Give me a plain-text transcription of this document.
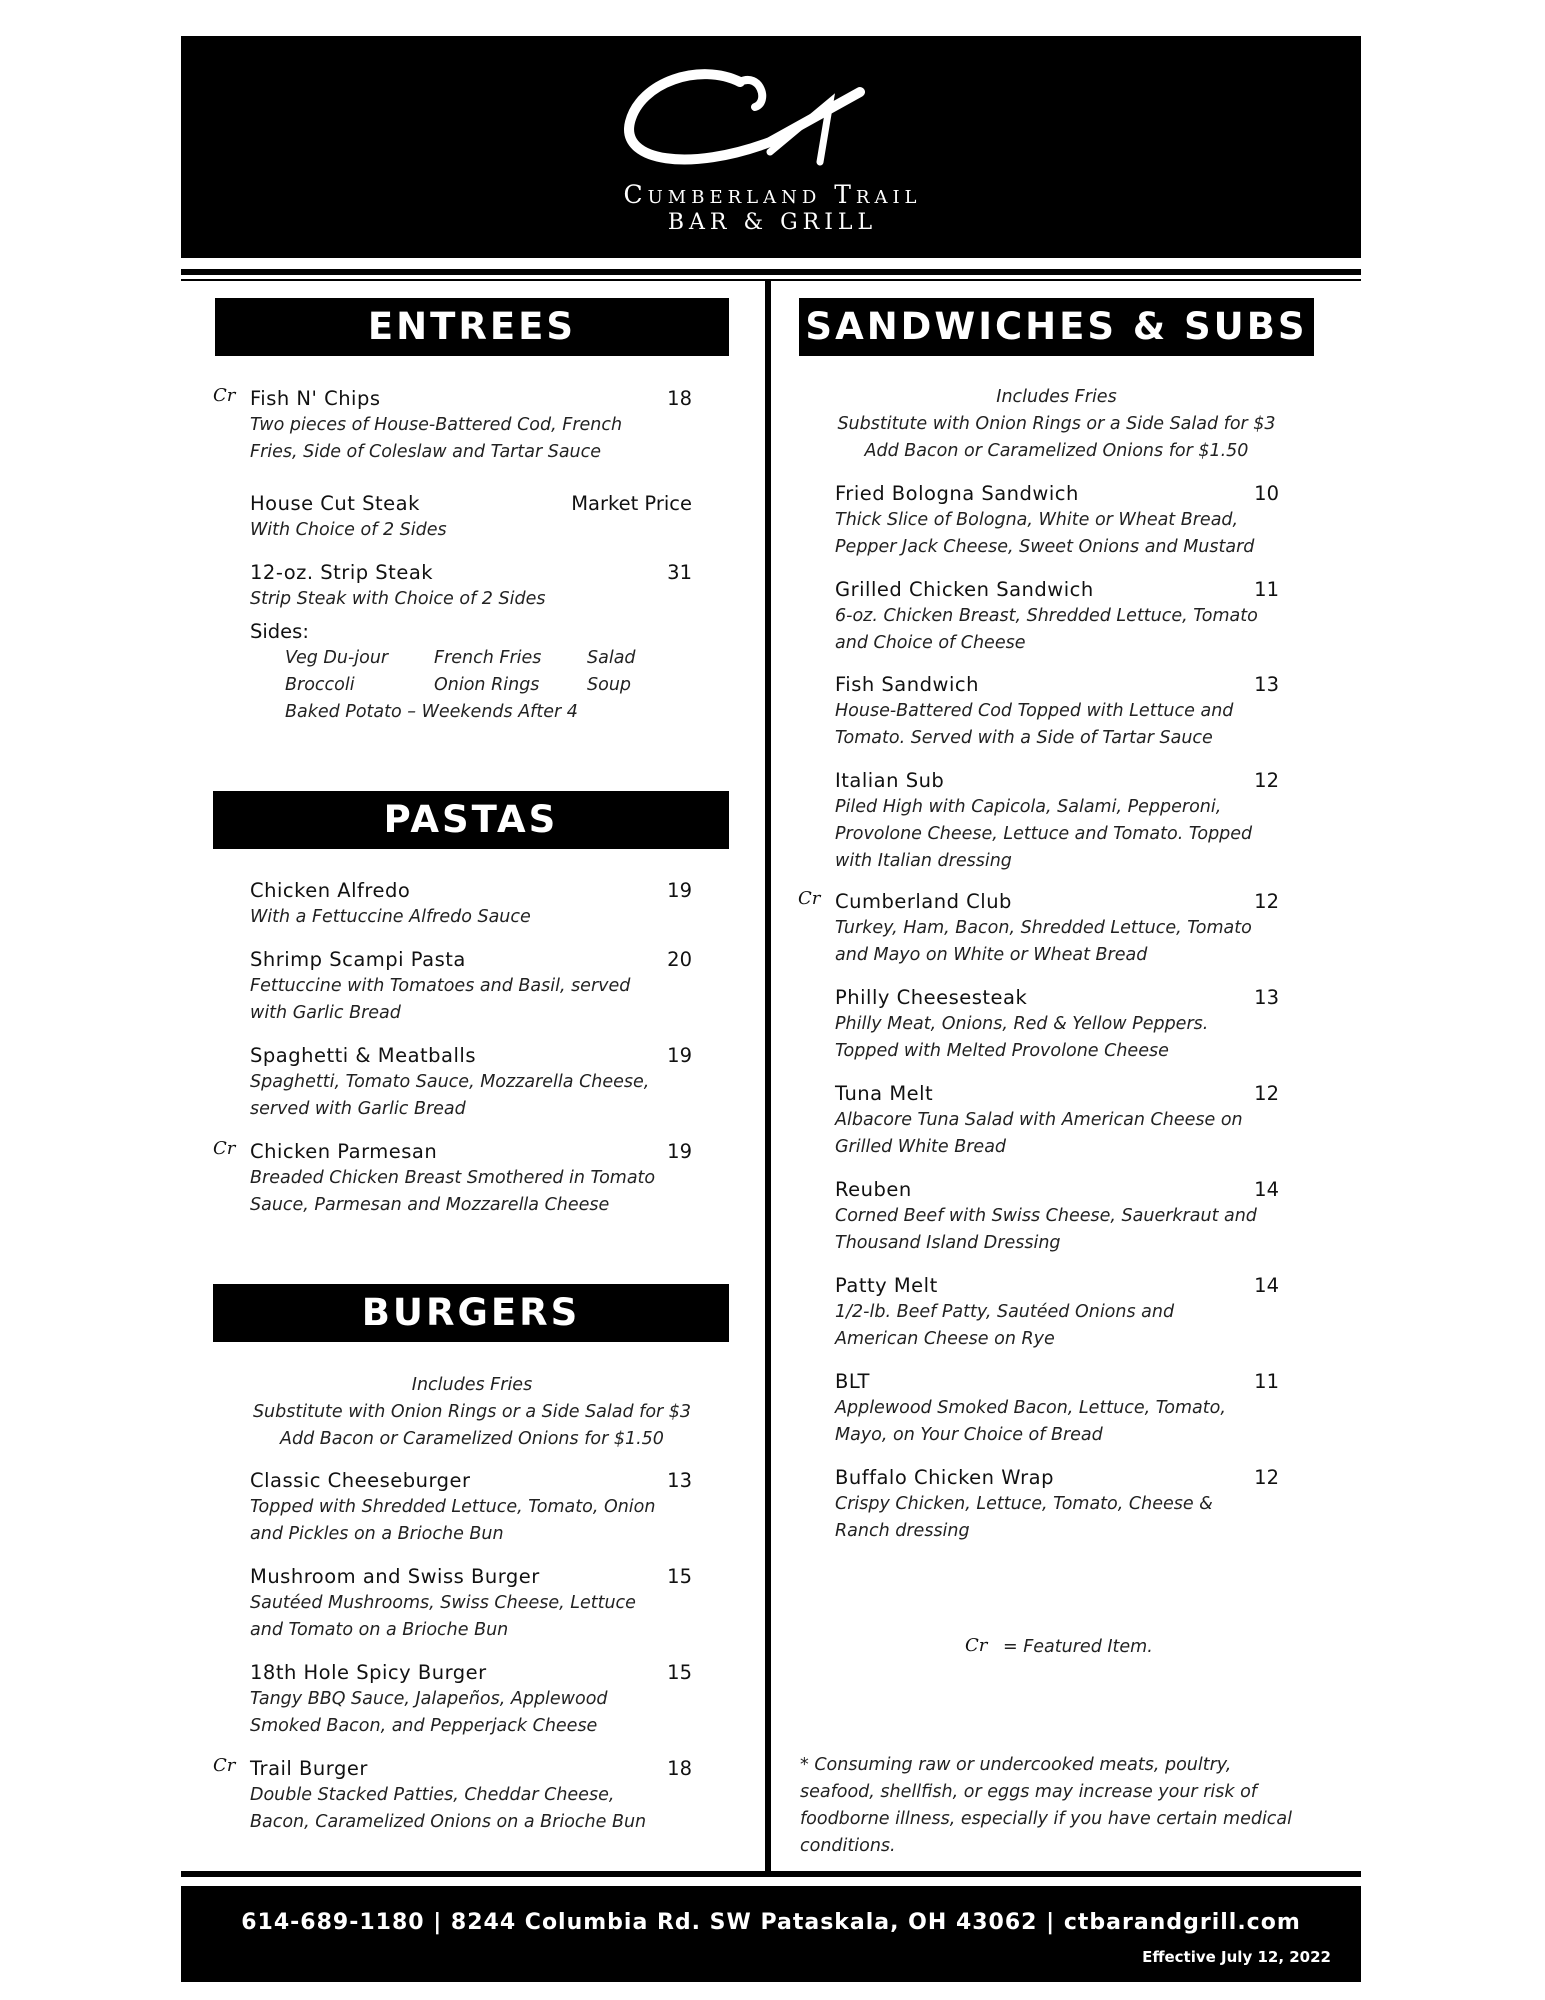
Cumberland Trail
BAR & GRILL
ENTREES
PASTAS
BURGERS
SANDWICHES & SUBS
Sides:
Veg Du-jour	French Fries	Salad
Broccoli	Onion Rings	Soup
Baked Potato – Weekends After 4
Includes Fries
Substitute with Onion Rings or a Side Salad for $3
Add Bacon or Caramelized Onions for $1.50
Includes Fries
Substitute with Onion Rings or a Side Salad for $3
Add Bacon or Caramelized Onions for $1.50
Cr = Featured Item.
* Consuming raw or undercooked meats, poultry, seafood, shellfish, or eggs may increase your risk of foodborne illness, especially if you have certain medical conditions.
614-689-1180 | 8244 Columbia Rd. SW Pataskala, OH 43062 | ctbarandgrill.com
Effective July 12, 2022
Fish N' Chips	18
Two pieces of House-Battered Cod, French Fries, Side of Coleslaw and Tartar Sauce
Cr
House Cut Steak	Market Price
With Choice of 2 Sides
12-oz. Strip Steak	31
Strip Steak with Choice of 2 Sides
Chicken Alfredo	19
With a Fettuccine Alfredo Sauce
Shrimp Scampi Pasta	20
Fettuccine with Tomatoes and Basil, served with Garlic Bread
Spaghetti & Meatballs	19
Spaghetti, Tomato Sauce, Mozzarella Cheese, served with Garlic Bread
Chicken Parmesan	19
Breaded Chicken Breast Smothered in Tomato Sauce, Parmesan and Mozzarella Cheese
Cr
Classic Cheeseburger	13
Topped with Shredded Lettuce, Tomato, Onion and Pickles on a Brioche Bun
Mushroom and Swiss Burger	15
Sautéed Mushrooms, Swiss Cheese, Lettuce and Tomato on a Brioche Bun
18th Hole Spicy Burger	15
Tangy BBQ Sauce, Jalapeños, Applewood Smoked Bacon, and Pepperjack Cheese
Trail Burger	18
Double Stacked Patties, Cheddar Cheese, Bacon, Caramelized Onions on a Brioche Bun
Cr
Fried Bologna Sandwich	10
Thick Slice of Bologna, White or Wheat Bread, Pepper Jack Cheese, Sweet Onions and Mustard
Grilled Chicken Sandwich	11
6-oz. Chicken Breast, Shredded Lettuce, Tomato and Choice of Cheese
Fish Sandwich	13
House-Battered Cod Topped with Lettuce and Tomato. Served with a Side of Tartar Sauce
Italian Sub	12
Piled High with Capicola, Salami, Pepperoni, Provolone Cheese, Lettuce and Tomato. Topped with Italian dressing
Cumberland Club	12
Turkey, Ham, Bacon, Shredded Lettuce, Tomato and Mayo on White or Wheat Bread
Cr
Philly Cheesesteak	13
Philly Meat, Onions, Red & Yellow Peppers. Topped with Melted Provolone Cheese
Tuna Melt	12
Albacore Tuna Salad with American Cheese on Grilled White Bread
Reuben	14
Corned Beef with Swiss Cheese, Sauerkraut and Thousand Island Dressing
Patty Melt	14
1/2-lb. Beef Patty, Sautéed Onions and American Cheese on Rye
BLT	11
Applewood Smoked Bacon, Lettuce, Tomato, Mayo, on Your Choice of Bread
Buffalo Chicken Wrap	12
Crispy Chicken, Lettuce, Tomato, Cheese & Ranch dressing
